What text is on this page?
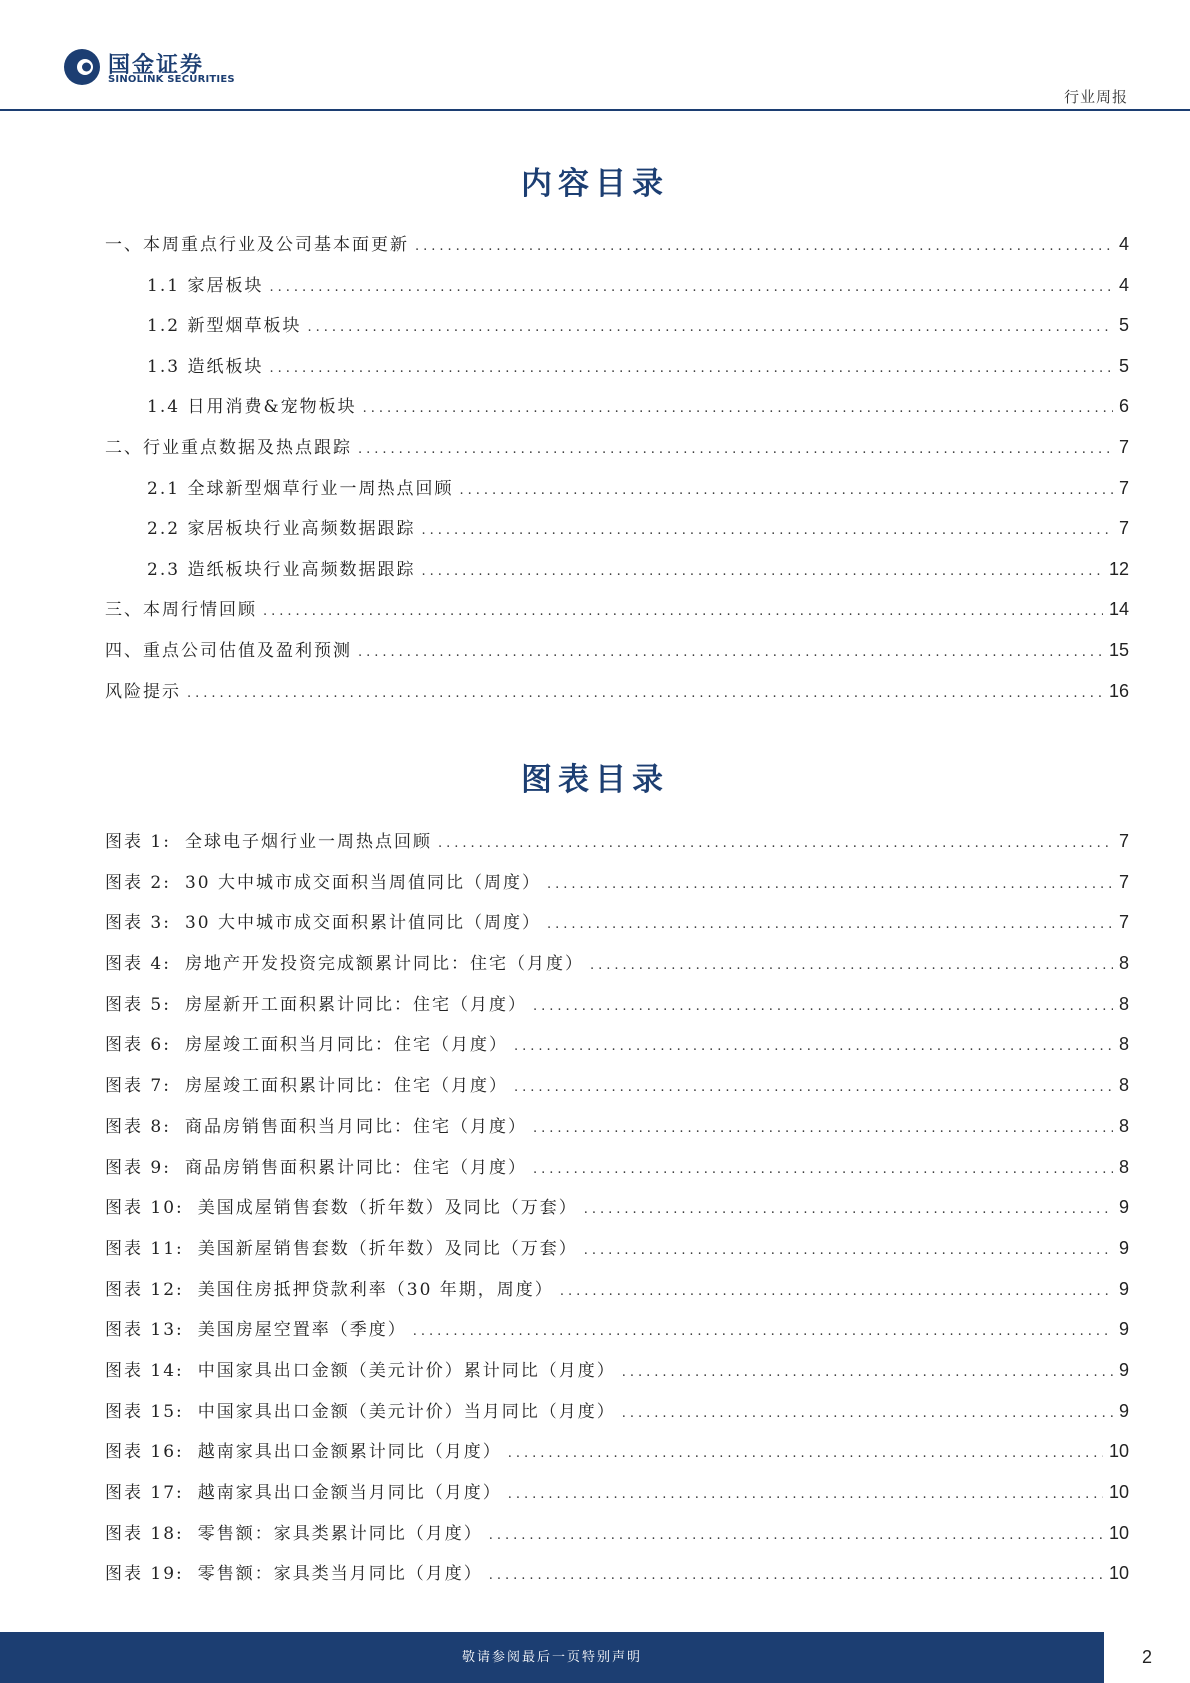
国金证券
SINOLINK SECURITIES
行业周报
内容目录
一、本周重点行业及公司基本面更新 .....	4
1.1 家居板块 .....	4
1.2 新型烟草板块 .....	5
1.3 造纸板块 .....	5
1.4 日用消费&宠物板块 .....	6
二、行业重点数据及热点跟踪 .....	7
2.1 全球新型烟草行业一周热点回顾 .....	7
2.2 家居板块行业高频数据跟踪 .....	7
2.3 造纸板块行业高频数据跟踪 .....	12
三、本周行情回顾 .....	14
四、重点公司估值及盈利预测 .....	15
风险提示 .....	16
图表目录
图表 1: 全球电子烟行业一周热点回顾 .....	7
图表 2: 30 大中城市成交面积当周值同比（周度） .....	7
图表 3: 30 大中城市成交面积累计值同比（周度） .....	7
图表 4: 房地产开发投资完成额累计同比：住宅（月度） .....	8
图表 5: 房屋新开工面积累计同比：住宅（月度） .....	8
图表 6: 房屋竣工面积当月同比：住宅（月度） .....	8
图表 7: 房屋竣工面积累计同比：住宅（月度） .....	8
图表 8: 商品房销售面积当月同比：住宅（月度） .....	8
图表 9: 商品房销售面积累计同比：住宅（月度） .....	8
图表 10: 美国成屋销售套数（折年数）及同比（万套） .....	9
图表 11: 美国新屋销售套数（折年数）及同比（万套） .....	9
图表 12: 美国住房抵押贷款利率（30 年期，周度） .....	9
图表 13: 美国房屋空置率（季度） .....	9
图表 14: 中国家具出口金额（美元计价）累计同比（月度） .....	9
图表 15: 中国家具出口金额（美元计价）当月同比（月度） .....	9
图表 16: 越南家具出口金额累计同比（月度） .....	10
图表 17: 越南家具出口金额当月同比（月度） .....	10
图表 18: 零售额：家具类累计同比（月度） .....	10
图表 19: 零售额：家具类当月同比（月度） .....	10
敬请参阅最后一页特别声明	2
